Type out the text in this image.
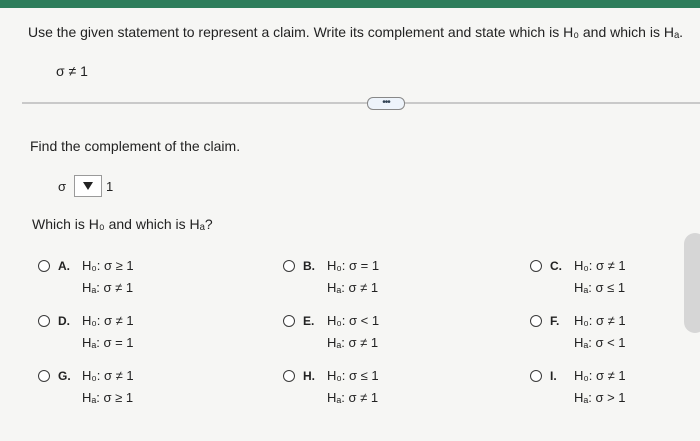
Use the given statement to represent a claim. Write its complement and state which is H₀ and which is Hₐ.
σ ≠ 1
•••
Find the complement of the claim.
σ	1
Which is H₀ and which is Hₐ?
A. H₀: σ ≥ 1
Hₐ: σ ≠ 1
B. H₀: σ = 1
Hₐ: σ ≠ 1
C. H₀: σ ≠ 1
Hₐ: σ ≤ 1
D. H₀: σ ≠ 1
Hₐ: σ = 1
E. H₀: σ < 1
Hₐ: σ ≠ 1
F. H₀: σ ≠ 1
Hₐ: σ < 1
G. H₀: σ ≠ 1
Hₐ: σ ≥ 1
H. H₀: σ ≤ 1
Hₐ: σ ≠ 1
I. H₀: σ ≠ 1
Hₐ: σ > 1
